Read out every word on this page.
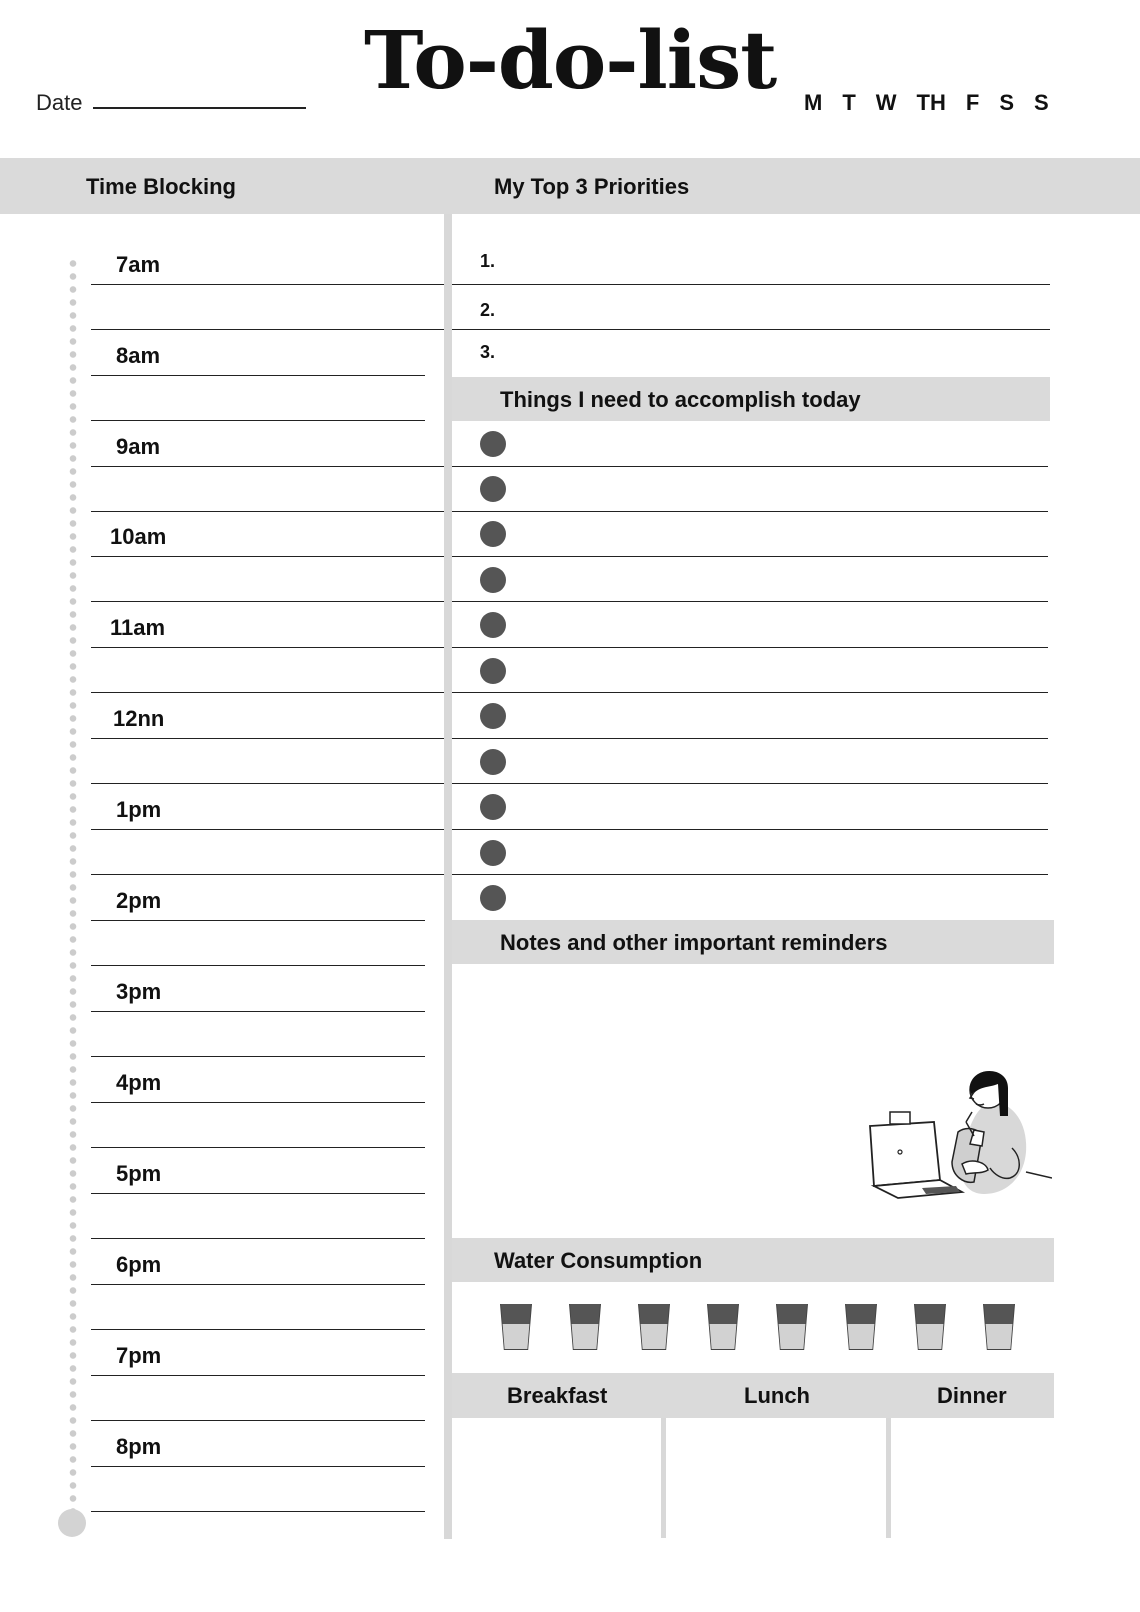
Date	To-do-list M T W TH F S S
Time Blocking	My Top 3 Priorities
7am
8am
9am
10am
11am
12nn
1pm
2pm
3pm
4pm
5pm
6pm
7pm
8pm
1.
2.
3.
Things I need to accomplish today
Notes and other important reminders
Water Consumption
Breakfast	Lunch	Dinner
